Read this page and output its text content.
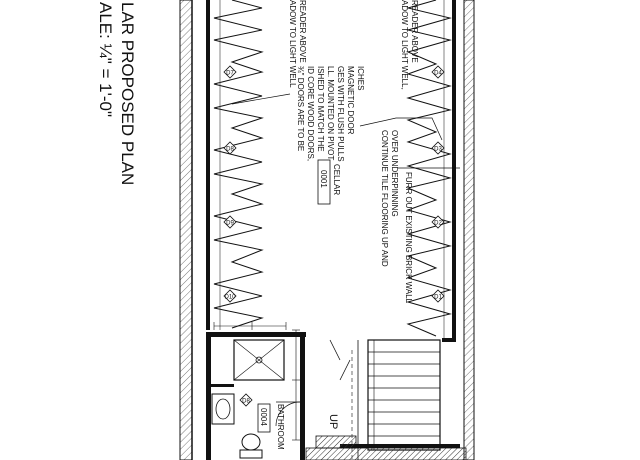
LAR PROPOSED PLAN
ALE: ¼" = 1'-0"	D7
D8
D9
D10
D4
D3
D2
D1
ADOW TO LIGHT WELL READER ABOVE
¾" DOORS ARE TO BE ID CORE WOOD DOORS, ISHED TO MATCH THE LL. MOUNTED ON PIVOT GES WITH FLUSH PULLS MAGNETIC DOOR ICHES	ADOW TO LIGHT WELL, READER ABOVE
CONTINUE TILE FLOORING UP AND OVER UNDERPINNING FURR OUT EXISTING BRICK WALL
CELLAR
0001
D8
BATHROOM
0004	UP
